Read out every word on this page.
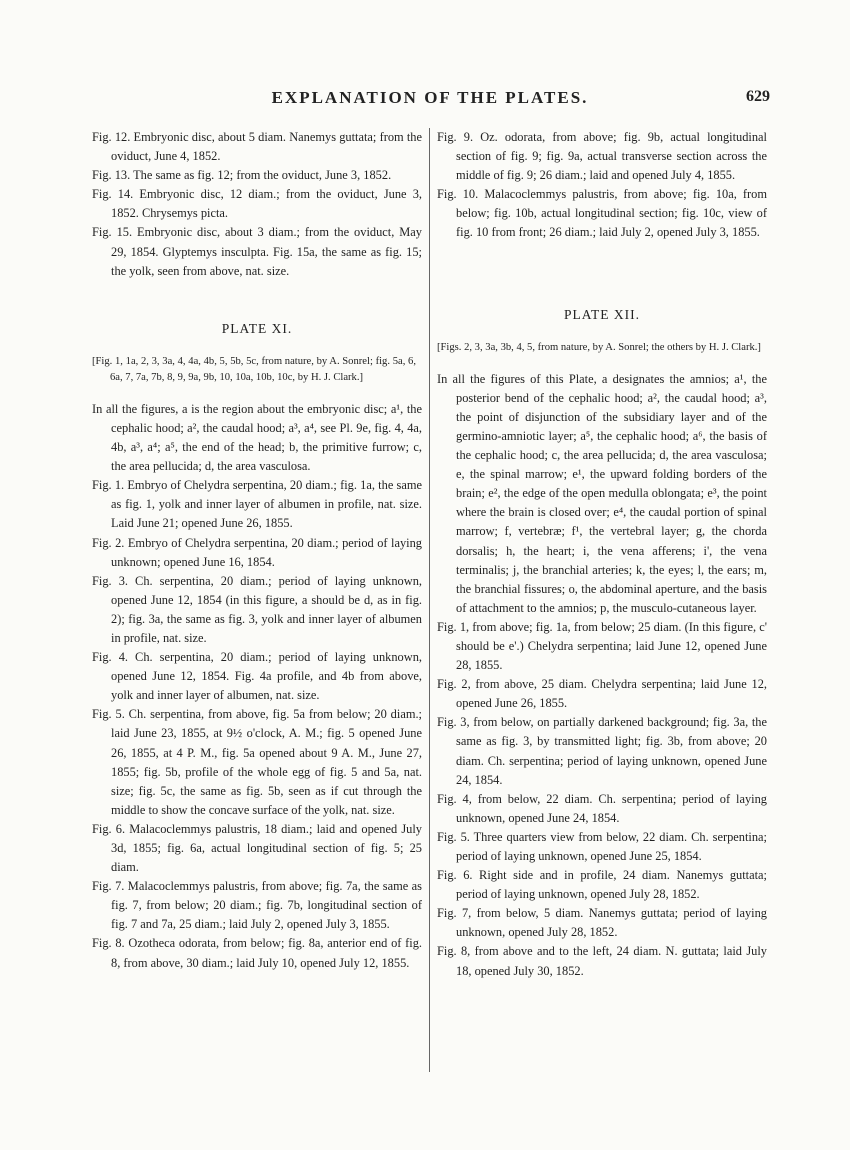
EXPLANATION OF THE PLATES.	629

Fig. 12. Embryonic disc, about 5 diam. Nanemys guttata; from the oviduct, June 4, 1852.

Fig. 13. The same as fig. 12; from the oviduct, June 3, 1852.

Fig. 14. Embryonic disc, 12 diam.; from the oviduct, June 3, 1852. Chrysemys picta.

Fig. 15. Embryonic disc, about 3 diam.; from the oviduct, May 29, 1854. Glyptemys insculpta. Fig. 15a, the same as fig. 15; the yolk, seen from above, nat. size.

PLATE XI.

[Fig. 1, 1a, 2, 3, 3a, 4, 4a, 4b, 5, 5b, 5c, from nature, by A. Sonrel; fig. 5a, 6, 6a, 7, 7a, 7b, 8, 9, 9a, 9b, 10, 10a, 10b, 10c, by H. J. Clark.]

In all the figures, a is the region about the embryonic disc; a¹, the cephalic hood; a², the caudal hood; a³, a⁴, see Pl. 9e, fig. 4, 4a, 4b, a³, a⁴; a⁵, the end of the head; b, the primitive furrow; c, the area pellucida; d, the area vasculosa.

Fig. 1. Embryo of Chelydra serpentina, 20 diam.; fig. 1a, the same as fig. 1, yolk and inner layer of albumen in profile, nat. size. Laid June 21; opened June 26, 1855.

Fig. 2. Embryo of Chelydra serpentina, 20 diam.; period of laying unknown; opened June 16, 1854.

Fig. 3. Ch. serpentina, 20 diam.; period of laying unknown, opened June 12, 1854 (in this figure, a should be d, as in fig. 2); fig. 3a, the same as fig. 3, yolk and inner layer of albumen in profile, nat. size.

Fig. 4. Ch. serpentina, 20 diam.; period of laying unknown, opened June 12, 1854. Fig. 4a profile, and 4b from above, yolk and inner layer of albumen, nat. size.

Fig. 5. Ch. serpentina, from above, fig. 5a from below; 20 diam.; laid June 23, 1855, at 9½ o'clock, A. M.; fig. 5 opened June 26, 1855, at 4 P. M., fig. 5a opened about 9 A. M., June 27, 1855; fig. 5b, profile of the whole egg of fig. 5 and 5a, nat. size; fig. 5c, the same as fig. 5b, seen as if cut through the middle to show the concave surface of the yolk, nat. size.

Fig. 6. Malacoclemmys palustris, 18 diam.; laid and opened July 3d, 1855; fig. 6a, actual longitudinal section of fig. 5; 25 diam.

Fig. 7. Malacoclemmys palustris, from above; fig. 7a, the same as fig. 7, from below; 20 diam.; fig. 7b, longitudinal section of fig. 7 and 7a, 25 diam.; laid July 2, opened July 3, 1855.

Fig. 8. Ozotheca odorata, from below; fig. 8a, anterior end of fig. 8, from above, 30 diam.; laid July 10, opened July 12, 1855.

Fig. 9. Oz. odorata, from above; fig. 9b, actual longitudinal section of fig. 9; fig. 9a, actual transverse section across the middle of fig. 9; 26 diam.; laid and opened July 4, 1855.

Fig. 10. Malacoclemmys palustris, from above; fig. 10a, from below; fig. 10b, actual longitudinal section; fig. 10c, view of fig. 10 from front; 26 diam.; laid July 2, opened July 3, 1855.

PLATE XII.

[Figs. 2, 3, 3a, 3b, 4, 5, from nature, by A. Sonrel; the others by H. J. Clark.]

In all the figures of this Plate, a designates the amnios; a¹, the posterior bend of the cephalic hood; a², the caudal hood; a³, the point of disjunction of the subsidiary layer and of the germino-amniotic layer; a⁵, the cephalic hood; a⁶, the basis of the cephalic hood; c, the area pellucida; d, the area vasculosa; e, the spinal marrow; e¹, the upward folding borders of the brain; e², the edge of the open medulla oblongata; e³, the point where the brain is closed over; e⁴, the caudal portion of spinal marrow; f, vertebræ; f¹, the vertebral layer; g, the chorda dorsalis; h, the heart; i, the vena afferens; i', the vena terminalis; j, the branchial arteries; k, the eyes; l, the ears; m, the branchial fissures; o, the abdominal aperture, and the basis of attachment to the amnios; p, the musculo-cutaneous layer.

Fig. 1, from above; fig. 1a, from below; 25 diam. (In this figure, c' should be e'.) Chelydra serpentina; laid June 12, opened June 28, 1855.

Fig. 2, from above, 25 diam. Chelydra serpentina; laid June 12, opened June 26, 1855.

Fig. 3, from below, on partially darkened background; fig. 3a, the same as fig. 3, by transmitted light; fig. 3b, from above; 20 diam. Ch. serpentina; period of laying unknown, opened June 24, 1854.

Fig. 4, from below, 22 diam. Ch. serpentina; period of laying unknown, opened June 24, 1854.

Fig. 5. Three quarters view from below, 22 diam. Ch. serpentina; period of laying unknown, opened June 25, 1854.

Fig. 6. Right side and in profile, 24 diam. Nanemys guttata; period of laying unknown, opened July 28, 1852.

Fig. 7, from below, 5 diam. Nanemys guttata; period of laying unknown, opened July 28, 1852.

Fig. 8, from above and to the left, 24 diam. N. guttata; laid July 18, opened July 30, 1852.
